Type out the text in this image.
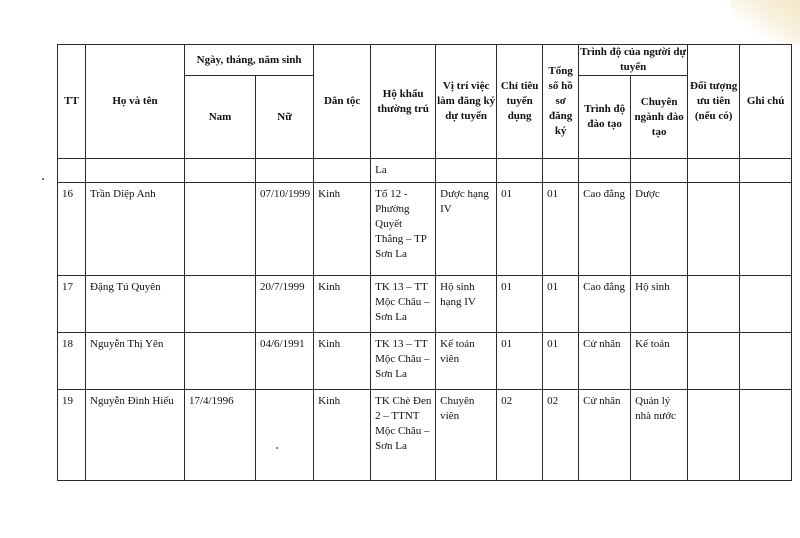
TT	Họ và tên	Ngày, tháng, năm sinh		Dân tộc	Hộ khẩu thường trú	Vị trí việc làm đăng ký dự tuyển	Chỉ tiêu tuyển dụng	Tổng số hồ sơ đăng ký	Trình độ của người dự tuyển		Đối tượng ưu tiên (nếu có)	Ghi chú
		Nam	Nữ						Trình độ đào tạo	Chuyên ngành đào tạo		

					La							

16	Trần Diệp Anh		07/10/1999	Kinh	Tổ 12 - Phường Quyết Thắng – TP Sơn La	Dược hạng IV	01	01	Cao đẳng	Dược		

17	Đặng Tú Quyên		20/7/1999	Kinh	TK 13 – TT Mộc Châu – Sơn La	Hộ sinh hạng IV	01	01	Cao đẳng	Hộ sinh		

18	Nguyễn Thị Yên		04/6/1991	Kinh	TK 13 – TT Mộc Châu – Sơn La	Kế toán viên	01	01	Cử nhân	Kế toán		

19	Nguyễn Đình Hiếu	17/4/1996		Kinh	TK Chè Đen 2 – TTNT Mộc Châu – Sơn La	Chuyên viên	02	02	Cử nhân	Quản lý nhà nước		
